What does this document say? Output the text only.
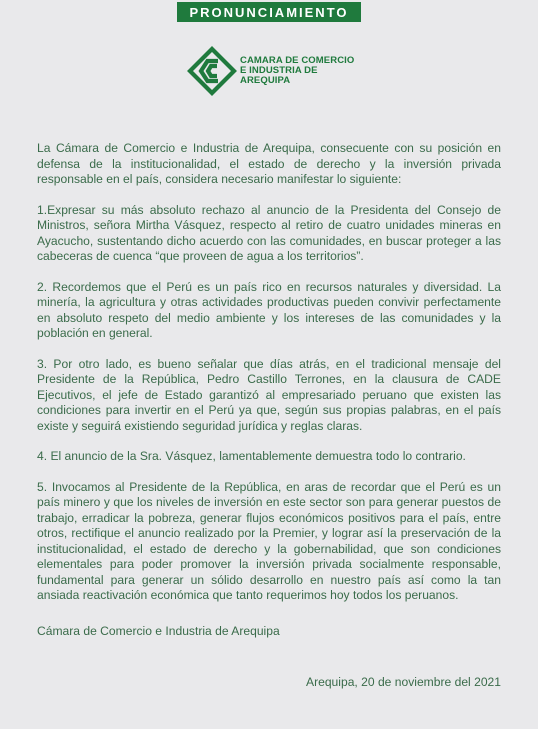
PRONUNCIAMIENTO
CAMARA DE COMERCIO
E INDUSTRIA DE
AREQUIPA

La Cámara de Comercio e Industria de Arequipa, consecuente con su posición en defensa de la institucionalidad, el estado de derecho y la inversión privada responsable en el país, considera necesario manifestar lo siguiente:

1.Expresar su más absoluto rechazo al anuncio de la Presidenta del Consejo de Ministros, señora Mirtha Vásquez, respecto al retiro de cuatro unidades mineras en Ayacucho, sustentando dicho acuerdo con las comunidades, en buscar proteger a las cabeceras de cuenca “que proveen de agua a los territorios”.

2. Recordemos que el Perú es un país rico en recursos naturales y diversidad. La minería, la agricultura y otras actividades productivas pueden convivir perfectamente en absoluto respeto del medio ambiente y los intereses de las comunidades y la población en general.

3. Por otro lado, es bueno señalar que días atrás, en el tradicional mensaje del Presidente de la República, Pedro Castillo Terrones, en la clausura de CADE Ejecutivos, el jefe de Estado garantizó al empresariado peruano que existen las condiciones para invertir en el Perú ya que, según sus propias palabras, en el país existe y seguirá existiendo seguridad jurídica y reglas claras.

4. El anuncio de la Sra. Vásquez, lamentablemente demuestra todo lo contrario.

5. Invocamos al Presidente de la República, en aras de recordar que el Perú es un país minero y que los niveles de inversión en este sector son para generar puestos de trabajo, erradicar la pobreza, generar flujos económicos positivos para el país, entre otros, rectifique el anuncio realizado por la Premier, y lograr así la preservación de la institucionalidad, el estado de derecho y la gobernabilidad, que son condiciones elementales para poder promover la inversión privada socialmente responsable, fundamental para generar un sólido desarrollo en nuestro país así como la tan ansiada reactivación económica que tanto requerimos hoy todos los peruanos.

Cámara de Comercio e Industria de Arequipa

Arequipa, 20 de noviembre del 2021
